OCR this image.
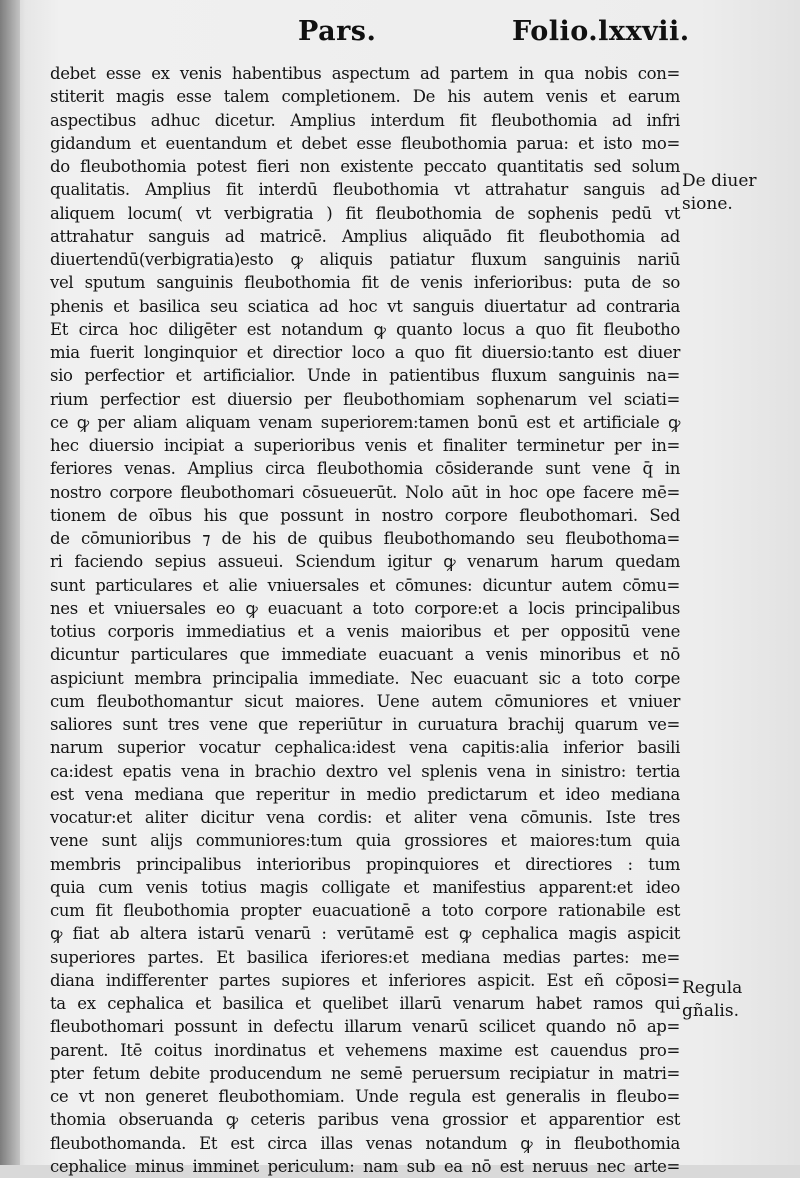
Pars.	Folio.lxxvii.
debet esse ex venis habentibus aspectum ad partem in qua nobis con=
stiterit magis esse talem completionem. De his autem venis et earum
aspectibus adhuc dicetur. Amplius interdum fit fleubothomia ad infri
gidandum et euentandum et debet esse fleubothomia parua: et isto mo=
do fleubothomia potest fieri non existente peccato quantitatis sed solum
qualitatis. Amplius fit interdū fleubothomia vt attrahatur sanguis ad
aliquem locum( vt verbigratia ) fit fleubothomia de sophenis pedū vt
attrahatur sanguis ad matricē. Amplius aliquādo fit fleubothomia ad
diuertendū(verbigratia)esto ꝙ aliquis patiatur fluxum sanguinis nariū
vel sputum sanguinis fleubothomia fit de venis inferioribus: puta de so
phenis et basilica seu sciatica ad hoc vt sanguis diuertatur ad contraria
Et circa hoc diligēter est notandum ꝙ quanto locus a quo fit fleubotho
mia fuerit longinquior et directior loco a quo fit diuersio:tanto est diuer
sio perfectior et artificialior. Unde in patientibus fluxum sanguinis na=
rium perfectior est diuersio per fleubothomiam sophenarum vel sciati=
ce ꝙ per aliam aliquam venam superiorem:tamen bonū est et artificiale ꝙ
hec diuersio incipiat a superioribus venis et finaliter terminetur per in=
feriores venas. Amplius circa fleubothomia cōsiderande sunt vene q̄ in
nostro corpore fleubothomari cōsueuerūt. Nolo aūt in hoc ope facere mē=
tionem de oībus his que possunt in nostro corpore fleubothomari. Sed
de cōmunioribus ⁊ de his de quibus fleubothomando seu fleubothoma=
ri faciendo sepius assueui. Sciendum igitur ꝙ venarum harum quedam
sunt particulares et alie vniuersales et cōmunes: dicuntur autem cōmu=
nes et vniuersales eo ꝙ euacuant a toto corpore:et a locis principalibus
totius corporis immediatius et a venis maioribus et per oppositū vene
dicuntur particulares que immediate euacuant a venis minoribus et nō
aspiciunt membra principalia immediate. Nec euacuant sic a toto corpe
cum fleubothomantur sicut maiores. Uene autem cōmuniores et vniuer
saliores sunt tres vene que reperiūtur in curuatura brachij quarum ve=
narum superior vocatur cephalica:idest vena capitis:alia inferior basili
ca:idest epatis vena in brachio dextro vel splenis vena in sinistro: tertia
est vena mediana que reperitur in medio predictarum et ideo mediana
vocatur:et aliter dicitur vena cordis: et aliter vena cōmunis. Iste tres
vene sunt alijs communiores:tum quia grossiores et maiores:tum quia
membris principalibus interioribus propinquiores et directiores : tum
quia cum venis totius magis colligate et manifestius apparent:et ideo
cum fit fleubothomia propter euacuationē a toto corpore rationabile est
ꝙ fiat ab altera istarū venarū : verūtamē est ꝙ cephalica magis aspicit
superiores partes. Et basilica iferiores:et mediana medias partes: me=
diana indifferenter partes supiores et inferiores aspicit. Est eñ cōposi=
ta ex cephalica et basilica et quelibet illarū venarum habet ramos qui
fleubothomari possunt in defectu illarum venarū scilicet quando nō ap=
parent. Itē coitus inordinatus et vehemens maxime est cauendus pro=
pter fetum debite producendum ne semē peruersum recipiatur in matri=
ce vt non generet fleubothomiam. Unde regula est generalis in fleubo=
thomia obseruanda ꝙ ceteris paribus vena grossior et apparentior est
fleubothomanda. Et est circa illas venas notandum ꝙ in fleubothomia
cephalice minus imminet periculum: nam sub ea nō est neruus nec arte=
De diuer
sione.
Regula
gñalis.
